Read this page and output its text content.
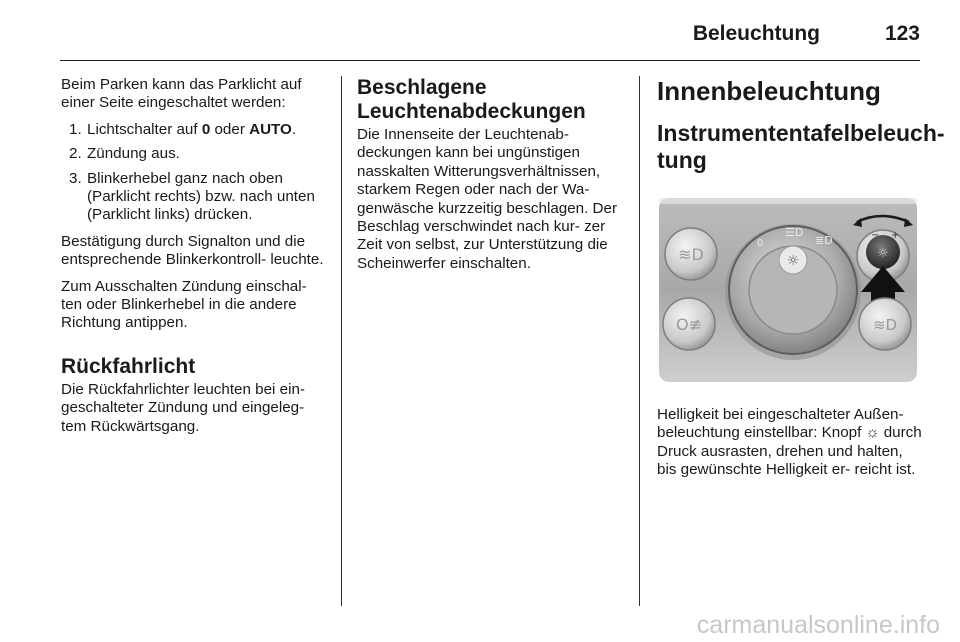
Beleuchtung	123

Beim Parken kann das Parklicht auf einer Seite eingeschaltet werden:

1. Lichtschalter auf 0 oder AUTO.
2. Zündung aus.
3. Blinkerhebel ganz nach oben (Parklicht rechts) bzw. nach unten (Parklicht links) drücken.

Bestätigung durch Signalton und die entsprechende Blinkerkontroll- leuchte.

Zum Ausschalten Zündung einschal- ten oder Blinkerhebel in die andere Richtung antippen.

Rückfahrlicht

Die Rückfahrlichter leuchten bei ein- geschalteter Zündung und eingeleg- tem Rückwärtsgang.

Beschlagene Leuchtenabdeckungen

Die Innenseite der Leuchtenab- deckungen kann bei ungünstigen nasskalten Witterungsverhältnissen, starkem Regen oder nach der Wa- genwäsche kurzzeitig beschlagen. Der Beschlag verschwindet nach kur- zer Zeit von selbst, zur Unterstützung die Scheinwerfer einschalten.

Innenbeleuchtung
Instrumententafelbeleuch- tung
≋D
O≢
0
☰D
≣D
☼
− +
☼
≋D

Helligkeit bei eingeschalteter Außen- beleuchtung einstellbar: Knopf ☼ durch Druck ausrasten, drehen und halten, bis gewünschte Helligkeit er- reicht ist.

carmanualsonline.info
